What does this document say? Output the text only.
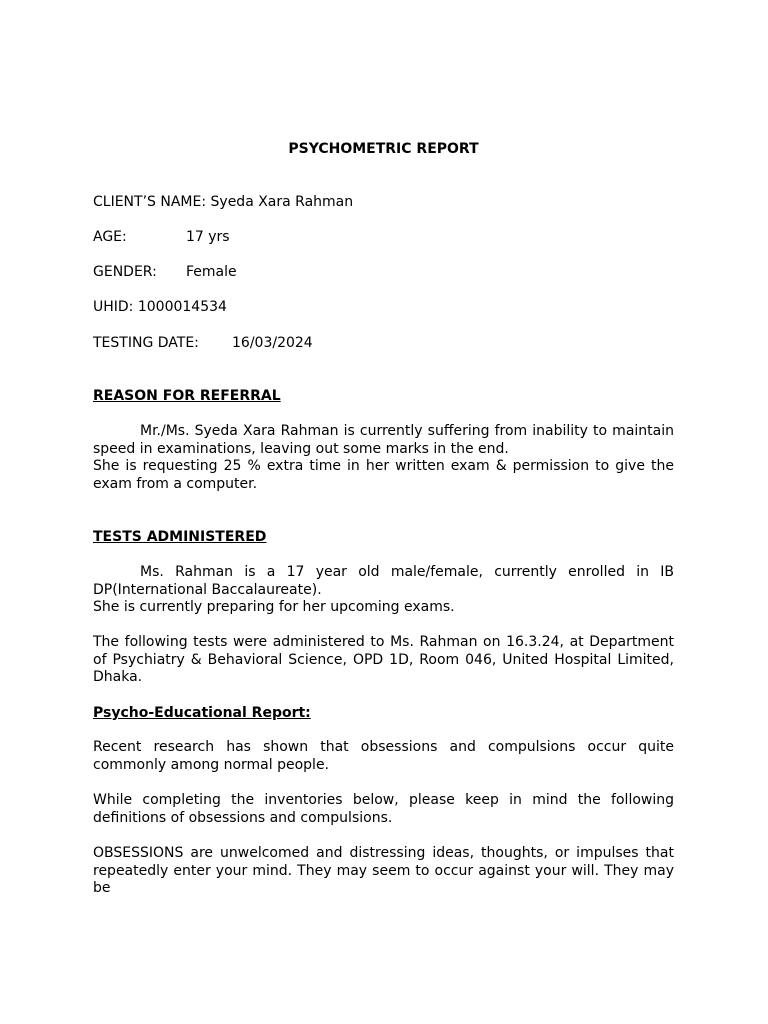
PSYCHOMETRIC REPORT
CLIENT’S NAME: Syeda Xara Rahman
AGE:	17 yrs
GENDER: Female
UHID: 1000014534
TESTING DATE: 16/03/2024
REASON FOR REFERRAL

Mr./Ms. Syeda Xara Rahman is currently suffering from inability to maintain speed in examinations, leaving out some marks in the end.
She is requesting 25 % extra time in her written exam & permission to give the exam from a computer.

TESTS ADMINISTERED

Ms. Rahman is a 17 year old male/female, currently enrolled in IB DP(International Baccalaureate).
She is currently preparing for her upcoming exams.

The following tests were administered to Ms. Rahman on 16.3.24, at Department of Psychiatry & Behavioral Science, OPD 1D, Room 046, United Hospital Limited, Dhaka.

Psycho-Educational Report:

Recent research has shown that obsessions and compulsions occur quite commonly among normal people.

While completing the inventories below, please keep in mind the following definitions of obsessions and compulsions.

OBSESSIONS are unwelcomed and distressing ideas, thoughts, or impulses that repeatedly enter your mind. They may seem to occur against your will. They may be
